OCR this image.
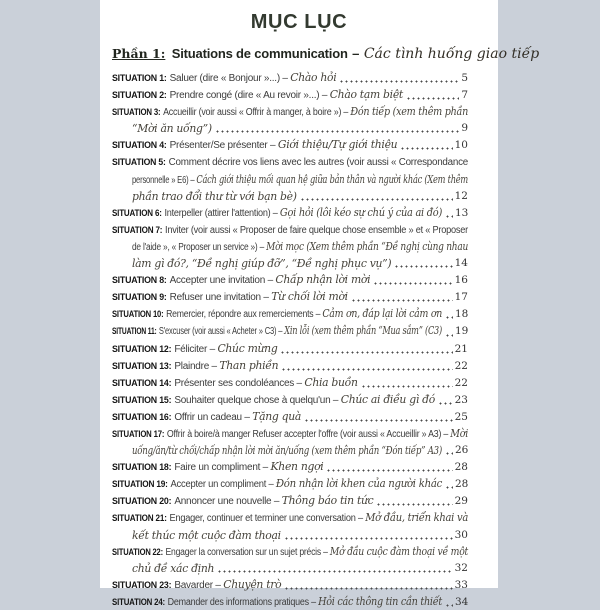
MỤC LỤC
Phần 1: Situations de communication – Các tình huống giao tiếp
SITUATION 1: Saluer (dire « Bonjour »...) – Chào hỏi	5
SITUATION 2: Prendre congé (dire « Au revoir »...) – Chào tạm biệt	7
SITUATION 3: Accueillir (voir aussi « Offrir à manger, à boire ») – Đón tiếp (xem thêm phần
“Mời ăn uống”)	9
SITUATION 4: Présenter/Se présenter – Giới thiệu/Tự giới thiệu	10
SITUATION 5: Comment décrire vos liens avec les autres (voir aussi « Correspondance
personnelle » E6) – Cách giới thiệu mối quan hệ giữa bản thân và người khác (Xem thêm
phần trao đổi thư từ với bạn bè)	12
SITUATION 6: Interpeller (attirer l'attention) – Gọi hỏi (lôi kéo sự chú ý của ai đó) 13
SITUATION 7: Inviter (voir aussi « Proposer de faire quelque chose ensemble » et « Proposer
de l'aide », « Proposer un service ») – Mời mọc (Xem thêm phần “Đề nghị cùng nhau
làm gì đó?, “Đề nghị giúp đỡ”, “Đề nghị phục vụ”)	14
SITUATION 8: Accepter une invitation – Chấp nhận lời mời	16
SITUATION 9: Refuser une invitation – Từ chối lời mời	17
SITUATION 10: Remercier, répondre aux remerciements – Cảm ơn, đáp lại lời cảm ơn 18
SITUATION 11: S'excuser (voir aussi « Acheter » C3) – Xin lỗi (xem thêm phần “Mua sắm” (C3) 19
SITUATION 12: Féliciter – Chúc mừng	21
SITUATION 13: Plaindre – Than phiền	22
SITUATION 14: Présenter ses condoléances – Chia buồn	22
SITUATION 15: Souhaiter quelque chose à quelqu'un – Chúc ai điều gì đó 23
SITUATION 16: Offrir un cadeau – Tặng quà	25
SITUATION 17: Offrir à boire/à manger Refuser accepter l'offre (voir aussi « Accueillir » A3) – Mời
uống/ăn/từ chối/chấp nhận lời mời ăn/uống (xem thêm phần “Đón tiếp” A3) 26
SITUATION 18: Faire un compliment – Khen ngợi	28
SITUATION 19: Accepter un compliment – Đón nhận lời khen của người khác 28
SITUATION 20: Annoncer une nouvelle – Thông báo tin tức	29
SITUATION 21: Engager, continuer et terminer une conversation – Mở đầu, triển khai và
kết thúc một cuộc đàm thoại	30
SITUATION 22: Engager la conversation sur un sujet précis – Mở đầu cuộc đàm thoại về một
chủ đề xác định	32
SITUATION 23: Bavarder – Chuyện trò	33
SITUATION 24: Demander des informations pratiques – Hỏi các thông tin cần thiết 34
